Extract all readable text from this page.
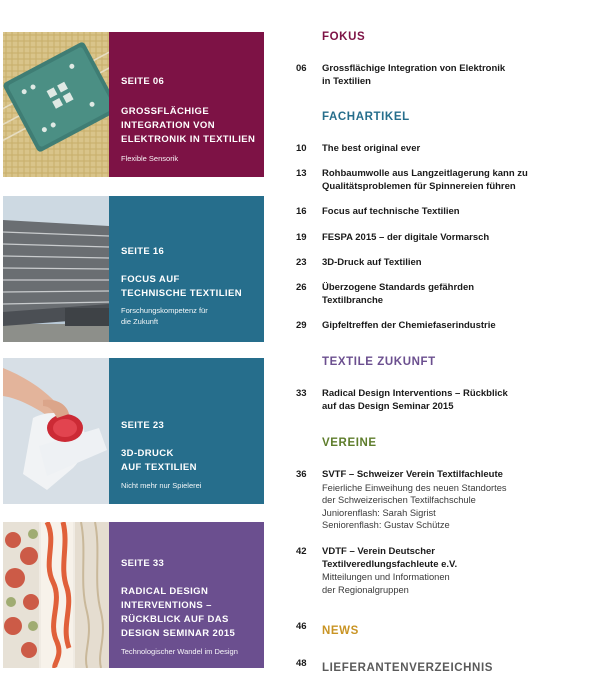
SEITE 06
GROSSFLÄCHIGE
INTEGRATION VON
ELEKTRONIK IN TEXTILIEN
Flexible Sensorik
SEITE 16
FOCUS AUF
TECHNISCHE TEXTILIEN
Forschungskompetenz für
die Zukunft
SEITE 23
3D-DRUCK
AUF TEXTILIEN
Nicht mehr nur Spielerei
SEITE 33
RADICAL DESIGN
INTERVENTIONS –
RÜCKBLICK AUF DAS
DESIGN SEMINAR 2015
Technologischer Wandel im Design
FOKUS
06	Grossflächige Integration von Elektronik
in Textilien
FACHARTIKEL
10	The best original ever
13	Rohbaumwolle aus Langzeitlagerung kann zu
Qualitätsproblemen für Spinnereien führen
16	Focus auf technische Textilien
19	FESPA 2015 – der digitale Vormarsch
23	3D-Druck auf Textilien
26	Überzogene Standards gefährden
Textilbranche
29	Gipfeltreffen der Chemiefaserindustrie
TEXTILE ZUKUNFT
33	Radical Design Interventions – Rückblick
auf das Design Seminar 2015
VEREINE
36	SVTF – Schweizer Verein Textilfachleute
Feierliche Einweihung des neuen Standortes
der Schweizerischen Textilfachschule
Juniorenflash: Sarah Sigrist
Seniorenflash: Gustav Schütze
42	VDTF – Verein Deutscher
Textilveredlungsfachleute e.V.
Mitteilungen und Informationen
der Regionalgruppen
46	NEWS
48	LIEFERANTENVERZEICHNIS
